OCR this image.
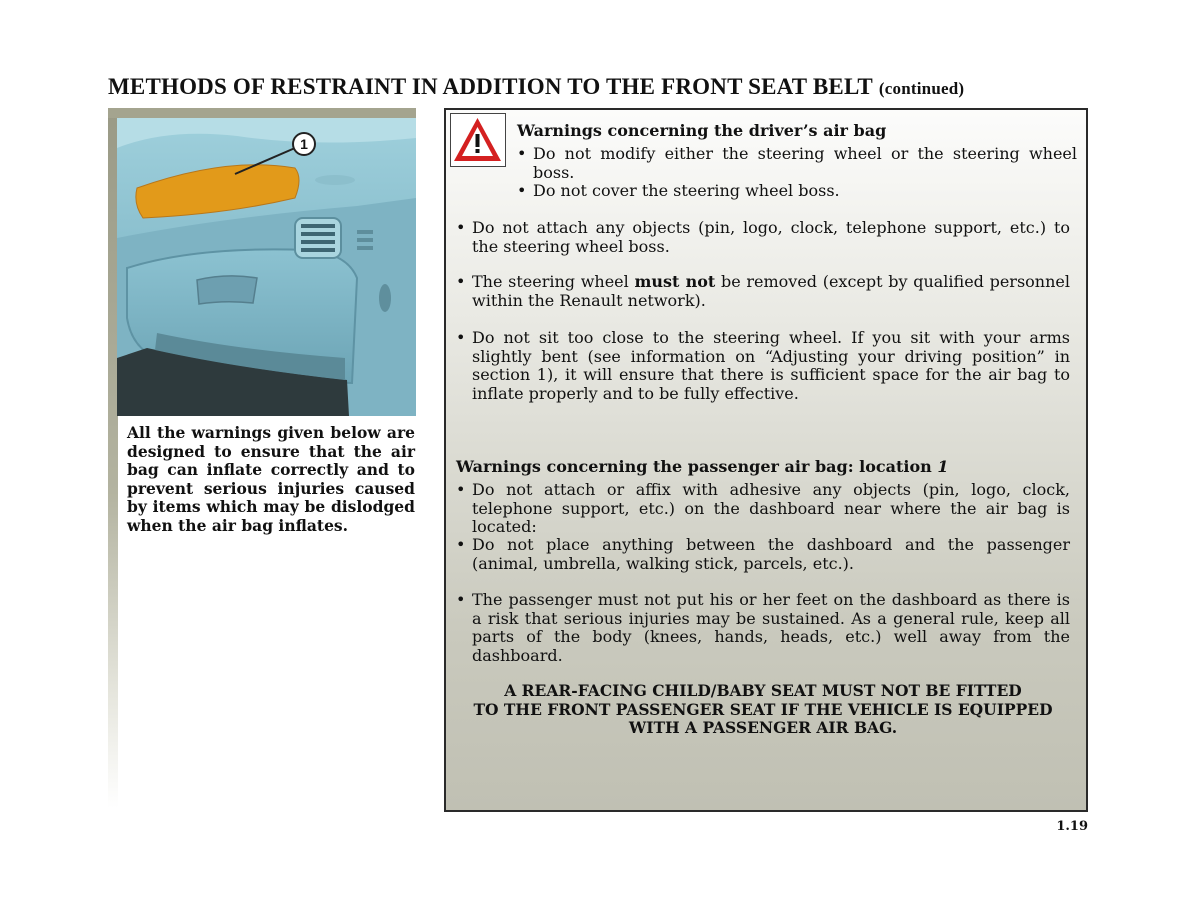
METHODS OF RESTRAINT IN ADDITION TO THE FRONT SEAT BELT (continued)
1
All the warnings given below are designed to ensure that the air bag can inflate correctly and to prevent serious injuries caused by items which may be dislodged when the air bag inflates.
Warnings concerning the driver’s air bag
• Do not modify either the steering wheel or the steering wheel boss.
• Do not cover the steering wheel boss.
• Do not attach any objects (pin, logo, clock, telephone support, etc.) to the steering wheel boss.
• The steering wheel must not be removed (except by qualified personnel within the Renault network).
• Do not sit too close to the steering wheel. If you sit with your arms slightly bent (see information on “Adjusting your driving position” in section 1), it will ensure that there is sufficient space for the air bag to inflate properly and to be fully effective.
Warnings concerning the passenger air bag: location 1
• Do not attach or affix with adhesive any objects (pin, logo, clock, telephone support, etc.) on the dashboard near where the air bag is located:
• Do not place anything between the dashboard and the passenger (animal, umbrella, walking stick, parcels, etc.).
• The passenger must not put his or her feet on the dashboard as there is a risk that serious injuries may be sustained. As a general rule, keep all parts of the body (knees, hands, heads, etc.) well away from the dashboard.
A REAR-FACING CHILD/BABY SEAT MUST NOT BE FITTED
TO THE FRONT PASSENGER SEAT IF THE VEHICLE IS EQUIPPED
WITH A PASSENGER AIR BAG.
1.19
